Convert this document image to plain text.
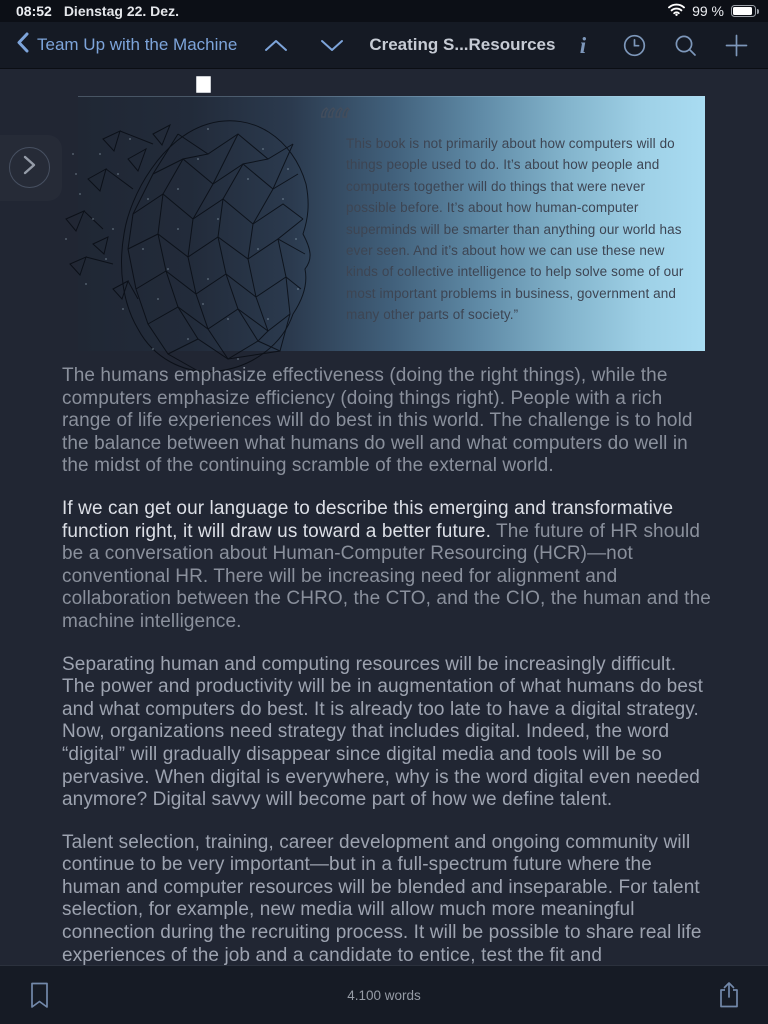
08:52 Dienstag 22. Dez.	99 %
Team Up with the Machine	Creating S...Resources i
““ This book is not primarily about how computers will do things people used to do. It’s about how people and computers together will do things that were never possible before. It’s about how human-computer superminds will be smarter than anything our world has ever seen. And it’s about how we can use these new kinds of collective intelligence to help solve some of our most important problems in business, government and many other parts of society.”

The humans emphasize effectiveness (doing the right things), while the computers emphasize efficiency (doing things right). People with a rich range of life experiences will do best in this world. The challenge is to hold the balance between what humans do well and what computers do well in the midst of the continuing scramble of the external world.

If we can get our language to describe this emerging and transformative function right, it will draw us toward a better future. The future of HR should be a conversation about Human-Computer Resourcing (HCR)—not conventional HR. There will be increasing need for alignment and collaboration between the CHRO, the CTO, and the CIO, the human and the machine intelligence.

Separating human and computing resources will be increasingly difficult. The power and productivity will be in augmentation of what humans do best and what computers do best. It is already too late to have a digital strategy. Now, organizations need strategy that includes digital. Indeed, the word “digital” will gradually disappear since digital media and tools will be so pervasive. When digital is everywhere, why is the word digital even needed anymore? Digital savvy will become part of how we define talent.

Talent selection, training, career development and ongoing community will continue to be very important—but in a full-spectrum future where the human and computer resources will be blended and inseparable. For talent selection, for example, new media will allow much more meaningful connection during the recruiting process. It will be possible to share real life experiences of the job and a candidate to entice, test the fit and

4.100 words
